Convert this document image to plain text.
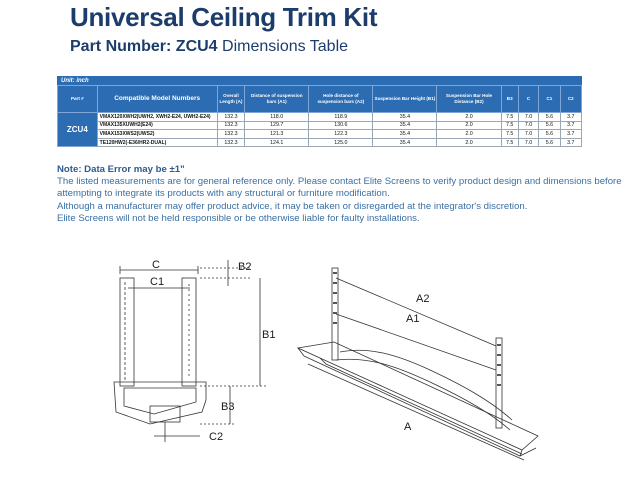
Universal Ceiling Trim Kit
Part Number: ZCU4 Dimensions Table
Unit: inch
Part #	Compatible Model Numbers	Overall Length (A)	Distance of suspension bars (A1)	Hole distance of suspension bars (A2)	Suspension Bar Height (B1)	Suspension Bar Hole Distance (B2)	B3	C	C1	C2
ZCU4	VMAX120XWH2|UWH2, XWH2-E24, UWH2-E24)	132.3	118.0	118.9	35.4	2.0	7.5	7.0	5.6	3.7
	VMAX135XUWH2(E24)	132.3	129.7	130.6	35.4	2.0	7.5	7.0	5.6	3.7
	VMAX153XWS2(UWS2)	132.3	121.3	122.3	35.4	2.0	7.5	7.0	5.6	3.7
	TE120HW2(-E36/HR2-DUAL)	132.3	124.1	125.0	35.4	2.0	7.5	7.0	5.6	3.7
Note: Data Error may be ±1"
The listed measurements are for general reference only. Please contact Elite Screens to verify product design and dimensions before
attempting to integrate its products with any structural or furniture modification.
Although a manufacturer may offer product advice, it may be taken or disregarded at the integrator's discretion.
Elite Screens will not be held responsible or be otherwise liable for faulty installations.
C
C1
B2
B1
B3
C2
A2
A1
A
